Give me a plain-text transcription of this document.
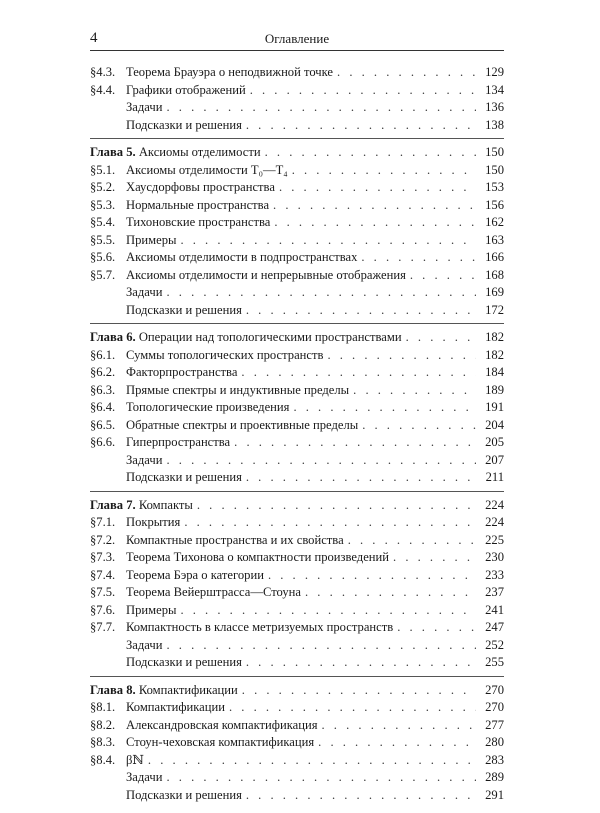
4	Оглавление
§4.3. Теорема Брауэра о неподвижной точке . . .	129
§4.4. Графики отображений . . .	134
Задачи . . .	136
Подсказки и решения . . .	138
Глава 5. Аксиомы отделимости . . .	150
§5.1. Аксиомы отделимости T₀—T₄ . . .	150
§5.2. Хаусдорфовы пространства . . .	153
§5.3. Нормальные пространства . . .	156
§5.4. Тихоновские пространства . . .	162
§5.5. Примеры . . .	163
§5.6. Аксиомы отделимости в подпространствах . . .	166
§5.7. Аксиомы отделимости и непрерывные отображения . . .	168
Задачи . . .	169
Подсказки и решения . . .	172
Глава 6. Операции над топологическими пространствами . . .	182
§6.1. Суммы топологических пространств . . .	182
§6.2. Факторпространства . . .	184
§6.3. Прямые спектры и индуктивные пределы . . .	189
§6.4. Топологические произведения . . .	191
§6.5. Обратные спектры и проективные пределы . . .	204
§6.6. Гиперпространства . . .	205
Задачи . . .	207
Подсказки и решения . . .	211
Глава 7. Компакты . . .	224
§7.1. Покрытия . . .	224
§7.2. Компактные пространства и их свойства . . .	225
§7.3. Теорема Тихонова о компактности произведений . . .	230
§7.4. Теорема Бэра о категории . . .	233
§7.5. Теорема Вейерштрасса—Стоуна . . .	237
§7.6. Примеры . . .	241
§7.7. Компактность в классе метризуемых пространств . . .	247
Задачи . . .	252
Подсказки и решения . . .	255
Глава 8. Компактификации . . .	270
§8.1. Компактификации . . .	270
§8.2. Александровская компактификация . . .	277
§8.3. Стоун-чеховская компактификация . . .	280
§8.4. βℕ . . .	283
Задачи . . .	289
Подсказки и решения . . .	291
